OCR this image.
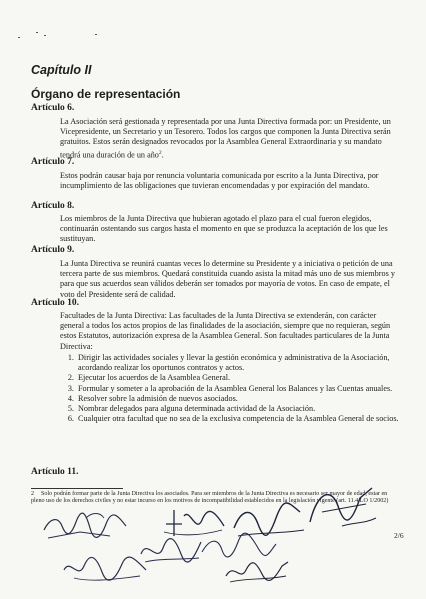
Capítulo II
Órgano de representación
Artículo 6.
La Asociación será gestionada y representada por una Junta Directiva formada por: un Presidente, un Vicepresidente, un Secretario y un Tesorero. Todos los cargos que componen la Junta Directiva serán gratuitos. Estos serán designados revocados por la Asamblea General Extraordinaria y su mandato tendrá una duración de un año$^2$.
Artículo 7.
Estos podrán causar baja por renuncia voluntaria comunicada por escrito a la Junta Directiva, por incumplimiento de las obligaciones que tuvieran encomendadas y por expiración del mandato.
Artículo 8.
Los miembros de la Junta Directiva que hubieran agotado el plazo para el cual fueron elegidos, continuarán ostentando sus cargos hasta el momento en que se produzca la aceptación de los que les sustituyan.
Artículo 9.
La Junta Directiva se reunirá cuantas veces lo determine su Presidente y a iniciativa o petición de una tercera parte de sus miembros. Quedará constituida cuando asista la mitad más uno de sus miembros y para que sus acuerdos sean válidos deberán ser tomados por mayoría de votos. En caso de empate, el voto del Presidente será de calidad.
Artículo 10.
Facultades de la Junta Directiva: Las facultades de la Junta Directiva se extenderán, con carácter general a todos los actos propios de las finalidades de la asociación, siempre que no requieran, según estos Estatutos, autorización expresa de la Asamblea General. Son facultades particulares de la Junta Directiva:
1. Dirigir las actividades sociales y llevar la gestión económica y administrativa de la Asociación, acordando realizar los oportunos contratos y actos.
2. Ejecutar los acuerdos de la Asamblea General.
3. Formular y someter a la aprobación de la Asamblea General los Balances y las Cuentas anuales.
4. Resolver sobre la admisión de nuevos asociados.
5. Nombrar delegados para alguna determinada actividad de la Asociación.
6. Cualquier otra facultad que no sea de la exclusiva competencia de la Asamblea General de socios.
Artículo 11.
2 Solo podrán formar parte de la Junta Directiva los asociados. Para ser miembros de la Junta Directiva es necesario ser mayor de edad, estar en pleno uso de los derechos civiles y no estar incurso en los motivos de incompatibilidad establecidos en la legislación vigente (art. 11.4.LO 1/2002)
2/6
